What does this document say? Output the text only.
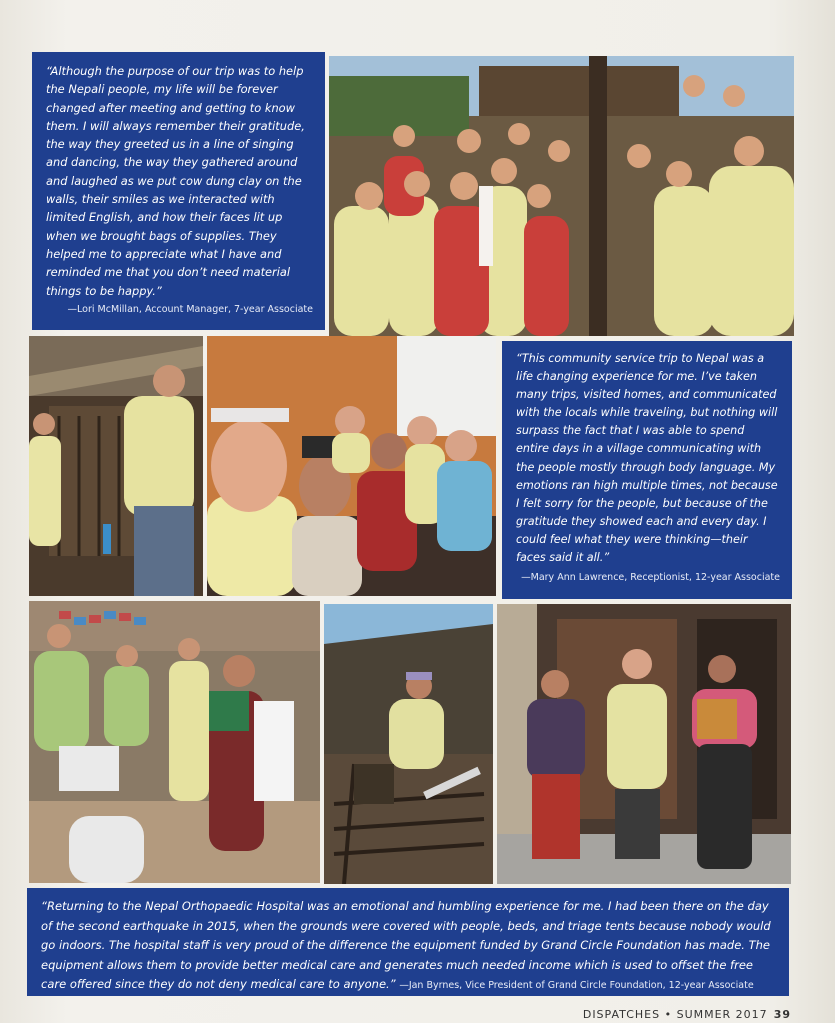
“Although the purpose of our trip was to help the Nepali people, my life will be forever changed after meeting and getting to know them. I will always remember their gratitude, the way they greeted us in a line of singing and dancing, the way they gathered around and laughed as we put cow dung clay on the walls, their smiles as we interacted with limited English, and how their faces lit up when we brought bags of supplies. They helped me to appreciate what I have and reminded me that you don’t need material things to be happy.”

—Lori McMillan, Account Manager, 7-year Associate

“This community service trip to Nepal was a life changing experience for me. I’ve taken many trips, visited homes, and communicated with the locals while traveling, but nothing will surpass the fact that I was able to spend entire days in a village communicating with the people mostly through body language. My emotions ran high multiple times, not because I felt sorry for the people, but because of the gratitude they showed each and every day. I could feel what they were thinking—their faces said it all.”

—Mary Ann Lawrence, Receptionist, 12-year Associate

“Returning to the Nepal Orthopaedic Hospital was an emotional and humbling experience for me. I had been there on the day of the second earthquake in 2015, when the grounds were covered with people, beds, and triage tents because nobody would go indoors. The hospital staff is very proud of the difference the equipment funded by Grand Circle Foundation has made. The equipment allows them to provide better medical care and generates much needed income which is used to offset the free care offered since they do not deny medical care to anyone.” —Jan Byrnes, Vice President of Grand Circle Foundation, 12-year Associate

DISPATCHES • SUMMER 2017 39
